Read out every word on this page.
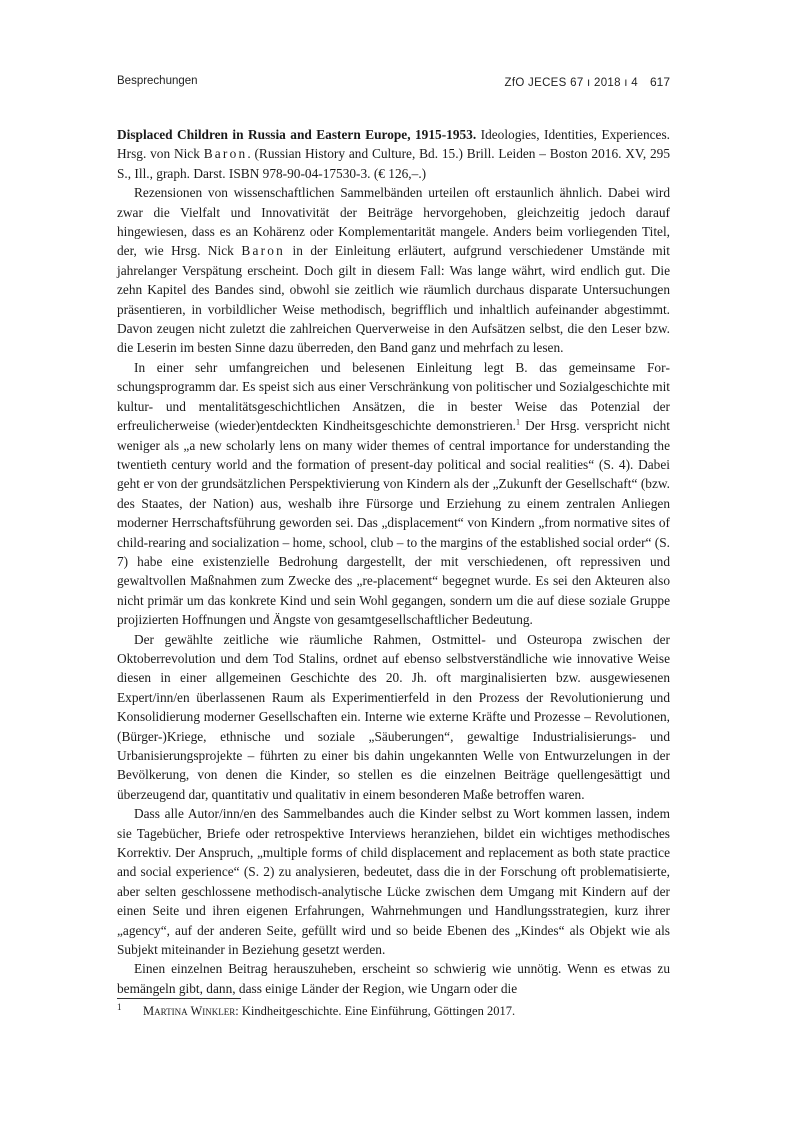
Besprechungen	ZfO JECES 67 ı 2018 ı 4 617

Displaced Children in Russia and Eastern Europe, 1915-1953. Ideologies, Identities, Experiences. Hrsg. von Nick Baron. (Russian History and Culture, Bd. 15.) Brill. Leiden – Boston 2016. XV, 295 S., Ill., graph. Darst. ISBN 978-90-04-17530-3. (€ 126,–.)

Rezensionen von wissenschaftlichen Sammelbänden urteilen oft erstaunlich ähnlich. Dabei wird zwar die Vielfalt und Innovativität der Beiträge hervorgehoben, gleichzeitig jedoch darauf hingewiesen, dass es an Kohärenz oder Komplementarität mangele. Anders beim vorliegenden Titel, der, wie Hrsg. Nick Baron in der Einleitung erläutert, aufgrund verschiedener Umstände mit jahrelanger Verspätung erscheint. Doch gilt in diesem Fall: Was lange währt, wird endlich gut. Die zehn Kapitel des Bandes sind, obwohl sie zeitlich wie räumlich durchaus disparate Untersuchungen präsentieren, in vorbildlicher Weise methodisch, begrifflich und inhaltlich aufeinander abgestimmt. Davon zeugen nicht zuletzt die zahlreichen Querverweise in den Aufsätzen selbst, die den Leser bzw. die Leserin im besten Sinne dazu überreden, den Band ganz und mehrfach zu lesen.

In einer sehr umfangreichen und belesenen Einleitung legt B. das gemeinsame Forschungsprogramm dar. Es speist sich aus einer Verschränkung von politischer und Sozialgeschichte mit kultur- und mentalitätsgeschichtlichen Ansätzen, die in bester Weise das Potenzial der erfreulicherweise (wieder)entdeckten Kindheitsgeschichte demonstrieren.$^1$ Der Hrsg. verspricht nicht weniger als „a new scholarly lens on many wider themes of central importance for understanding the twentieth century world and the formation of present-day political and social realities“ (S. 4). Dabei geht er von der grundsätzlichen Perspektivierung von Kindern als der „Zukunft der Gesellschaft“ (bzw. des Staates, der Nation) aus, weshalb ihre Fürsorge und Erziehung zu einem zentralen Anliegen moderner Herrschaftsführung geworden sei. Das „displacement“ von Kindern „from normative sites of child-rearing and socialization – home, school, club – to the margins of the established social order“ (S. 7) habe eine existenzielle Bedrohung dargestellt, der mit verschiedenen, oft repressiven und gewaltvollen Maßnahmen zum Zwecke des „re-placement“ begegnet wurde. Es sei den Akteuren also nicht primär um das konkrete Kind und sein Wohl gegangen, sondern um die auf diese soziale Gruppe projizierten Hoffnungen und Ängste von gesamtgesellschaftlicher Bedeutung.

Der gewählte zeitliche wie räumliche Rahmen, Ostmittel- und Osteuropa zwischen der Oktoberrevolution und dem Tod Stalins, ordnet auf ebenso selbstverständliche wie innovative Weise diesen in einer allgemeinen Geschichte des 20. Jh. oft marginalisierten bzw. ausgewiesenen Expert/inn/en überlassenen Raum als Experimentierfeld in den Prozess der Revolutionierung und Konsolidierung moderner Gesellschaften ein. Interne wie externe Kräfte und Prozesse – Revolutionen, (Bürger-)Kriege, ethnische und soziale „Säuberungen“, gewaltige Industrialisierungs- und Urbanisierungsprojekte – führten zu einer bis dahin ungekannten Welle von Entwurzelungen in der Bevölkerung, von denen die Kinder, so stellen es die einzelnen Beiträge quellengesättigt und überzeugend dar, quantitativ und qualitativ in einem besonderen Maße betroffen waren.

Dass alle Autor/inn/en des Sammelbandes auch die Kinder selbst zu Wort kommen lassen, indem sie Tagebücher, Briefe oder retrospektive Interviews heranziehen, bildet ein wichtiges methodisches Korrektiv. Der Anspruch, „multiple forms of child displacement and replacement as both state practice and social experience“ (S. 2) zu analysieren, bedeutet, dass die in der Forschung oft problematisierte, aber selten geschlossene methodisch-analytische Lücke zwischen dem Umgang mit Kindern auf der einen Seite und ihren eigenen Erfahrungen, Wahrnehmungen und Handlungsstrategien, kurz ihrer „agency“, auf der anderen Seite, gefüllt wird und so beide Ebenen des „Kindes“ als Objekt wie als Subjekt miteinander in Beziehung gesetzt werden.

Einen einzelnen Beitrag herauszuheben, erscheint so schwierig wie unnötig. Wenn es etwas zu bemängeln gibt, dann, dass einige Länder der Region, wie Ungarn oder die

1 Martina Winkler: Kindheitgeschichte. Eine Einführung, Göttingen 2017.
